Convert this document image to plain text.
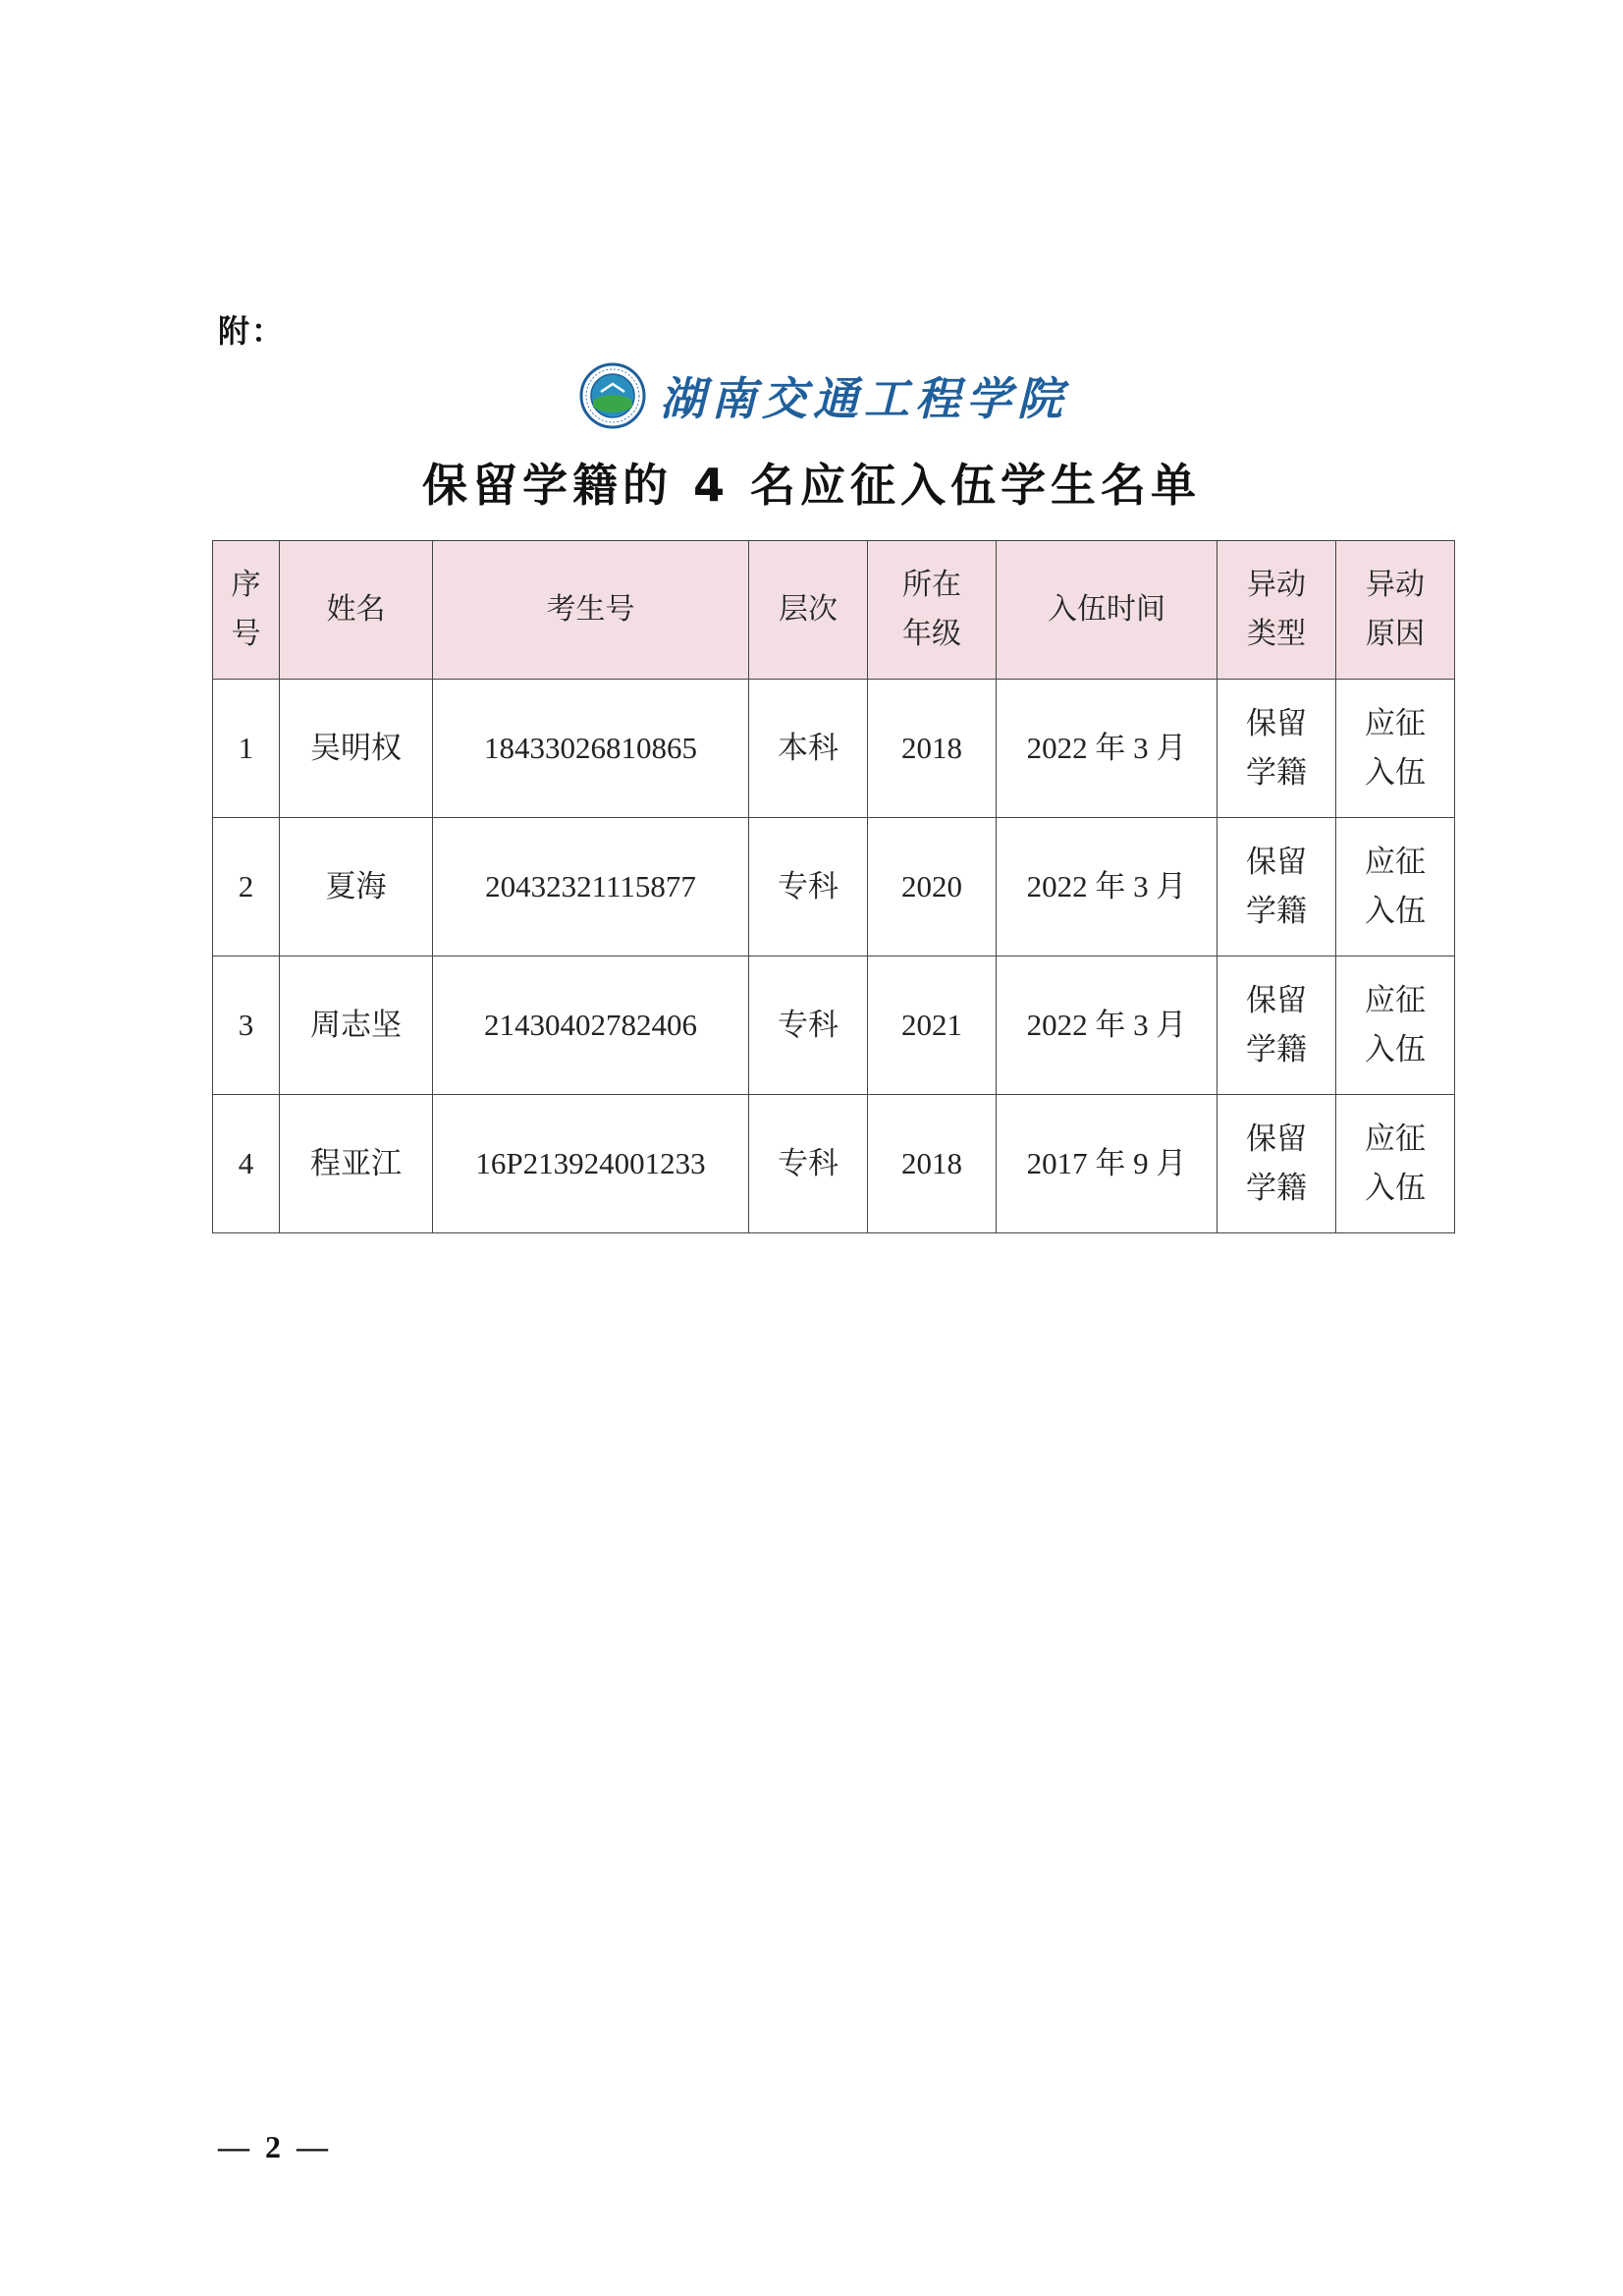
附：
湖南交通工程学院
保留学籍的 4 名应征入伍学生名单
序号	姓名	考生号	层次	所在年级	入伍时间	异动类型	异动原因
1	吴明权	18433026810865	本科	2018	2022 年 3 月	保留学籍	应征入伍
2	夏海	20432321115877	专科	2020	2022 年 3 月	保留学籍	应征入伍
3	周志坚	21430402782406	专科	2021	2022 年 3 月	保留学籍	应征入伍
4	程亚江	16P213924001233	专科	2018	2017 年 9 月	保留学籍	应征入伍
— 2 —
